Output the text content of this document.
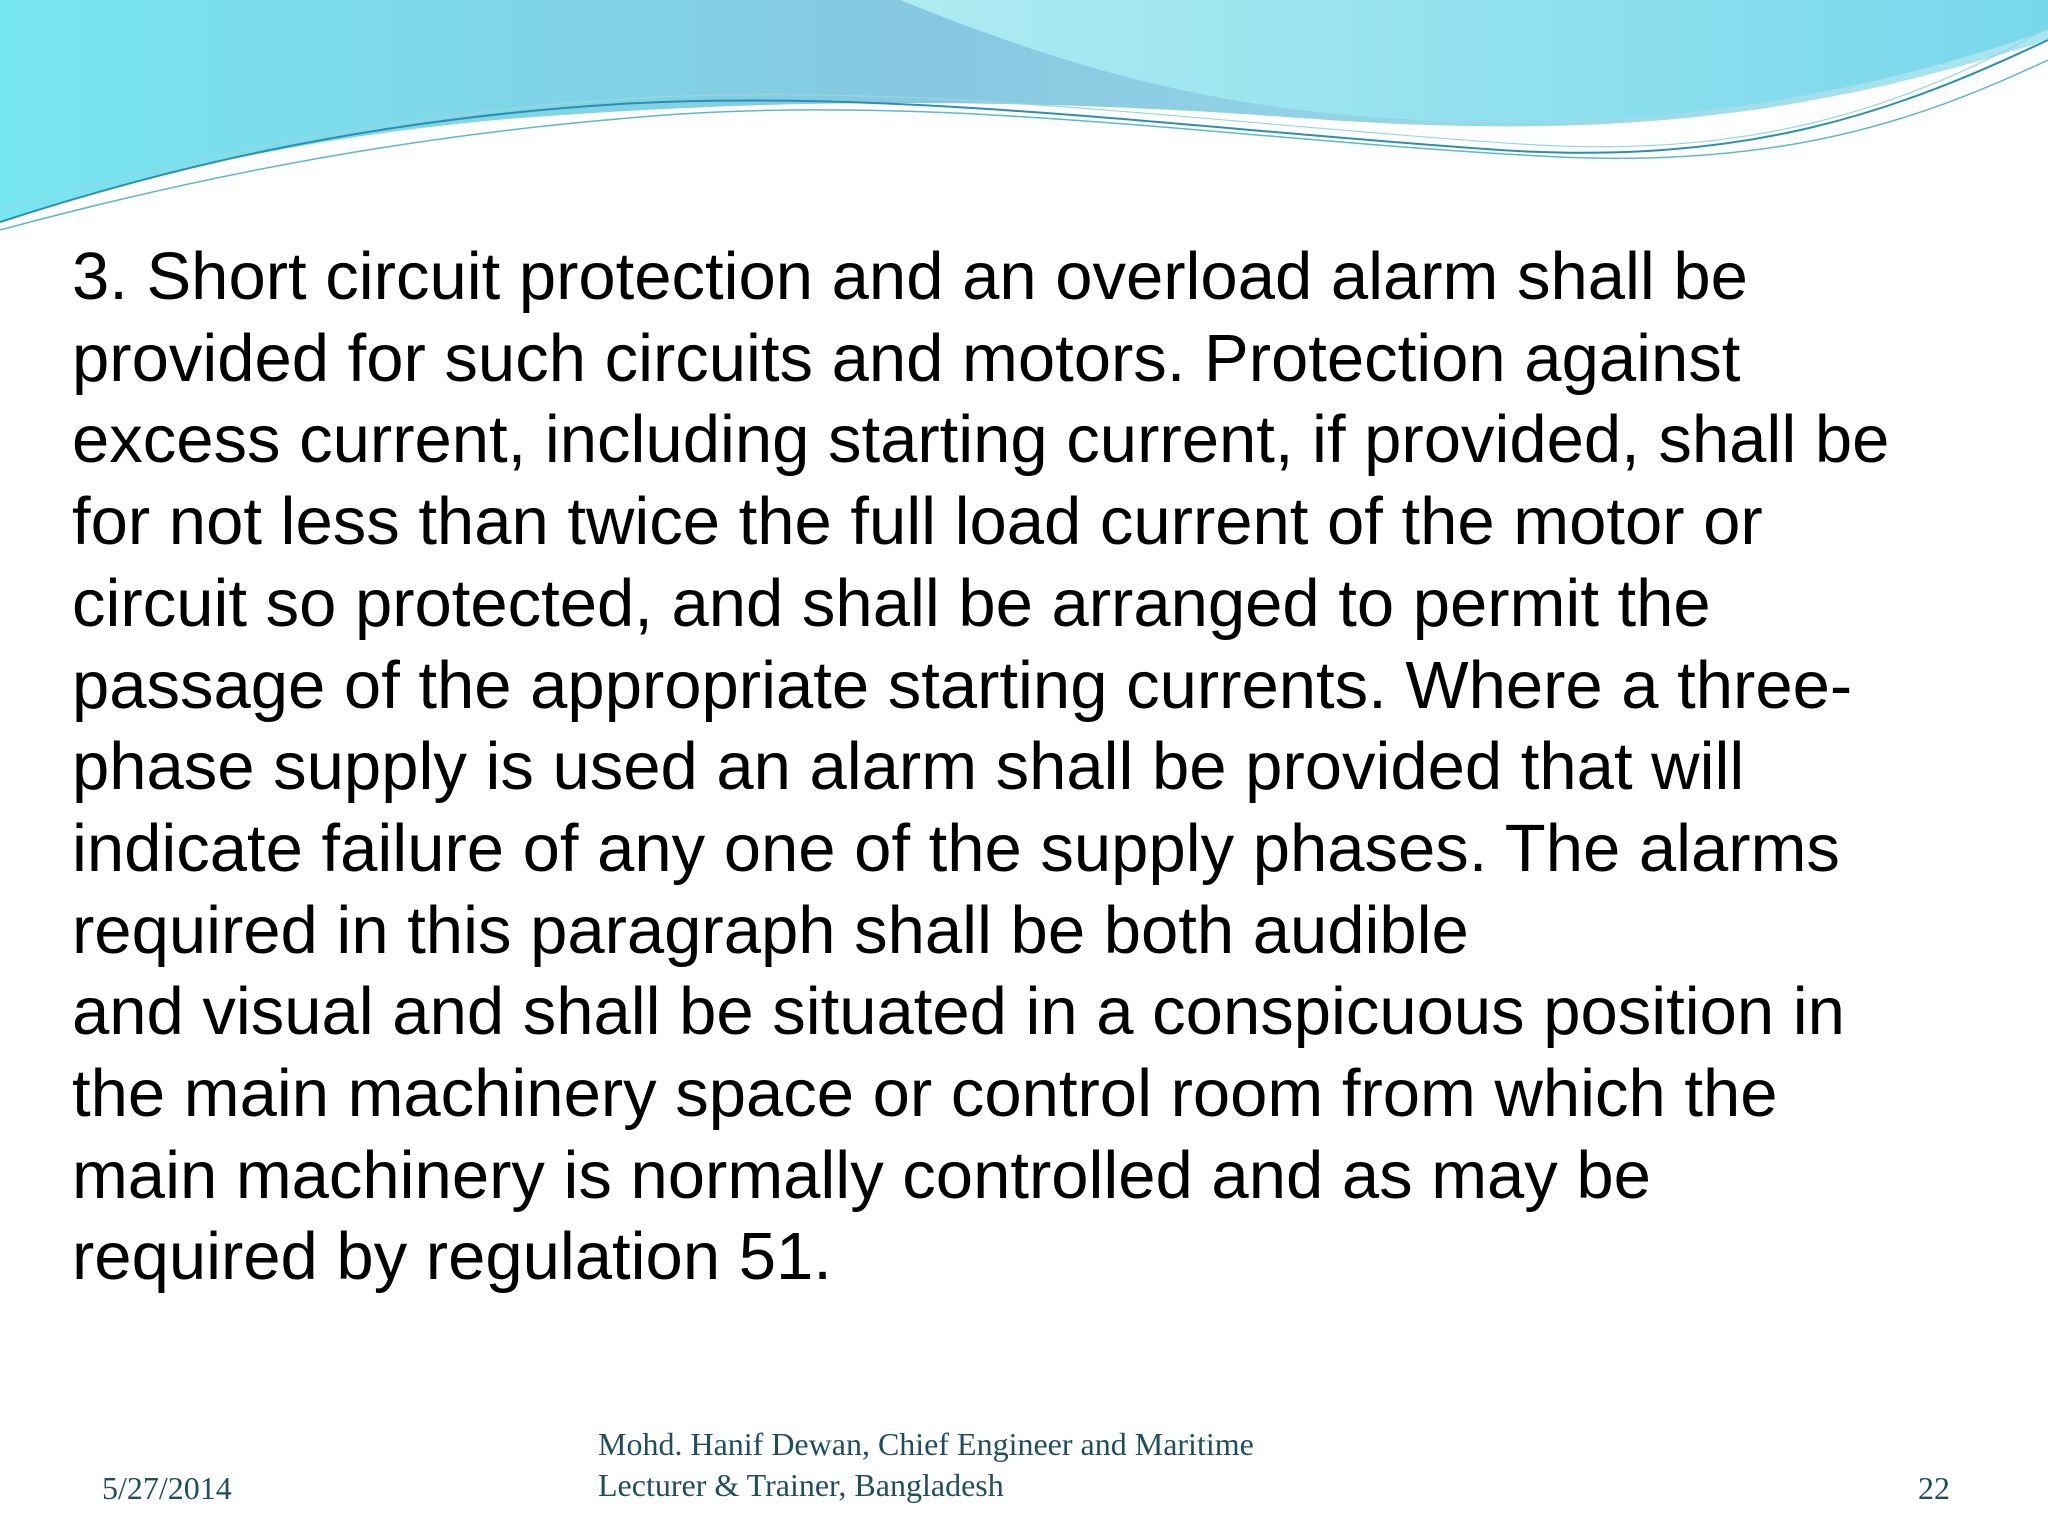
3. Short circuit protection and an overload alarm shall be
provided for such circuits and motors. Protection against
excess current, including starting current, if provided, shall be
for not less than twice the full load current of the motor or
circuit so protected, and shall be arranged to permit the
passage of the appropriate starting currents. Where a three-
phase supply is used an alarm shall be provided that will
indicate failure of any one of the supply phases. The alarms
required in this paragraph shall be both audible
and visual and shall be situated in a conspicuous position in
the main machinery space or control room from which the
main machinery is normally controlled and as may be
required by regulation 51.
5/27/2014
Mohd. Hanif Dewan, Chief Engineer and Maritime
Lecturer & Trainer, Bangladesh	22
